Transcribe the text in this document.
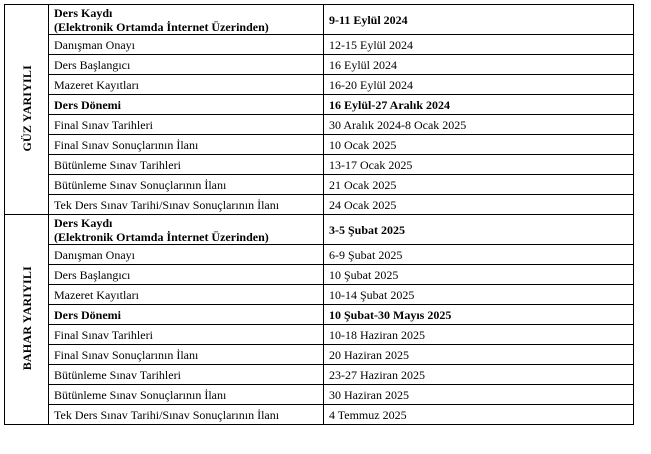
GÜZ YARIYILI	Ders Kaydı
(Elektronik Ortamda İnternet Üzerinden)	9-11 Eylül 2024

	Danışman Onayı	12-15 Eylül 2024

	Ders Başlangıcı	16 Eylül 2024

	Mazeret Kayıtları	16-20 Eylül 2024

	Ders Dönemi	16 Eylül-27 Aralık 2024

	Final Sınav Tarihleri	30 Aralık 2024-8 Ocak 2025

	Final Sınav Sonuçlarının İlanı	10 Ocak 2025

	Bütünleme Sınav Tarihleri	13-17 Ocak 2025

	Bütünleme Sınav Sonuçlarının İlanı	21 Ocak 2025

	Tek Ders Sınav Tarihi/Sınav Sonuçlarının İlanı	24 Ocak 2025
BAHAR YARIYILI	Ders Kaydı
(Elektronik Ortamda İnternet Üzerinden)	3-5 Şubat 2025

	Danışman Onayı	6-9 Şubat 2025

	Ders Başlangıcı	10 Şubat 2025

	Mazeret Kayıtları	10-14 Şubat 2025

	Ders Dönemi	10 Şubat-30 Mayıs 2025

	Final Sınav Tarihleri	10-18 Haziran 2025

	Final Sınav Sonuçlarının İlanı	20 Haziran 2025

	Bütünleme Sınav Tarihleri	23-27 Haziran 2025

	Bütünleme Sınav Sonuçlarının İlanı	30 Haziran 2025

	Tek Ders Sınav Tarihi/Sınav Sonuçlarının İlanı	4 Temmuz 2025
